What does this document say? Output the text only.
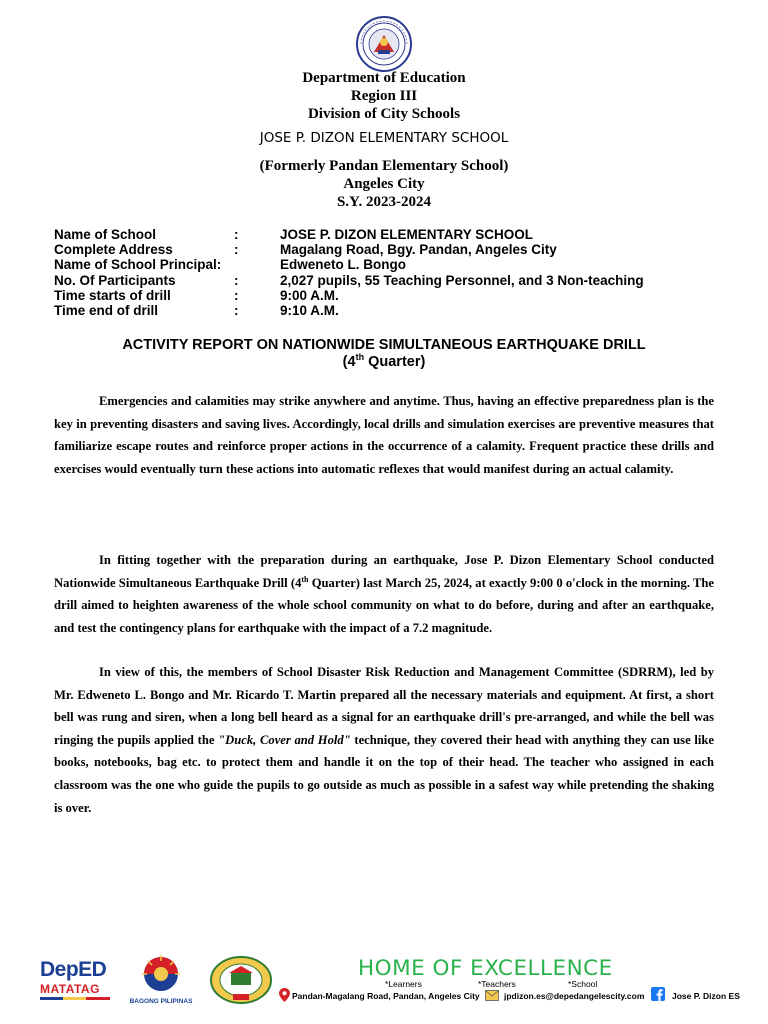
Department of Education
Region III
Division of City Schools
JOSE P. DIZON ELEMENTARY SCHOOL
(Formerly Pandan Elementary School)
Angeles City
S.Y. 2023-2024
Name of School	:	JOSE P. DIZON ELEMENTARY SCHOOL
Complete Address	:	Magalang Road, Bgy. Pandan, Angeles City
Name of School Principal:	Edweneto L. Bongo
No. Of Participants	:	2,027 pupils, 55 Teaching Personnel, and 3 Non-teaching
Time starts of drill	:	9:00 A.M.
Time end of drill	:	9:10 A.M.
ACTIVITY REPORT ON NATIONWIDE SIMULTANEOUS EARTHQUAKE DRILL
(4th Quarter)

Emergencies and calamities may strike anywhere and anytime. Thus, having an effective preparedness plan is the key in preventing disasters and saving lives. Accordingly, local drills and simulation exercises are preventive measures that familiarize escape routes and reinforce proper actions in the occurrence of a calamity. Frequent practice these drills and exercises would eventually turn these actions into automatic reflexes that would manifest during an actual calamity.

In fitting together with the preparation during an earthquake, Jose P. Dizon Elementary School conducted Nationwide Simultaneous Earthquake Drill (4th Quarter) last March 25, 2024, at exactly 9:00 0 o'clock in the morning. The drill aimed to heighten awareness of the whole school community on what to do before, during and after an earthquake, and test the contingency plans for earthquake with the impact of a 7.2 magnitude.

In view of this, the members of School Disaster Risk Reduction and Management Committee (SDRRM), led by Mr. Edweneto L. Bongo and Mr. Ricardo T. Martin prepared all the necessary materials and equipment. At first, a short bell was rung and siren, when a long bell heard as a signal for an earthquake drill's pre-arranged, and while the bell was ringing the pupils applied the "Duck, Cover and Hold" technique, they covered their head with anything they can use like books, notebooks, bag etc. to protect them and handle it on the top of their head. The teacher who assigned in each classroom was the one who guide the pupils to go outside as much as possible in a safest way while pretending the shaking is over.

DepED
MATATAG
BAGONG PILIPINAS
HOME OF EXCELLENCE
*Learners	*Teachers	*School
Pandan-Magalang Road, Pandan, Angeles City	jpdizon.es@depedangelescity.com	Jose P. Dizon ES
